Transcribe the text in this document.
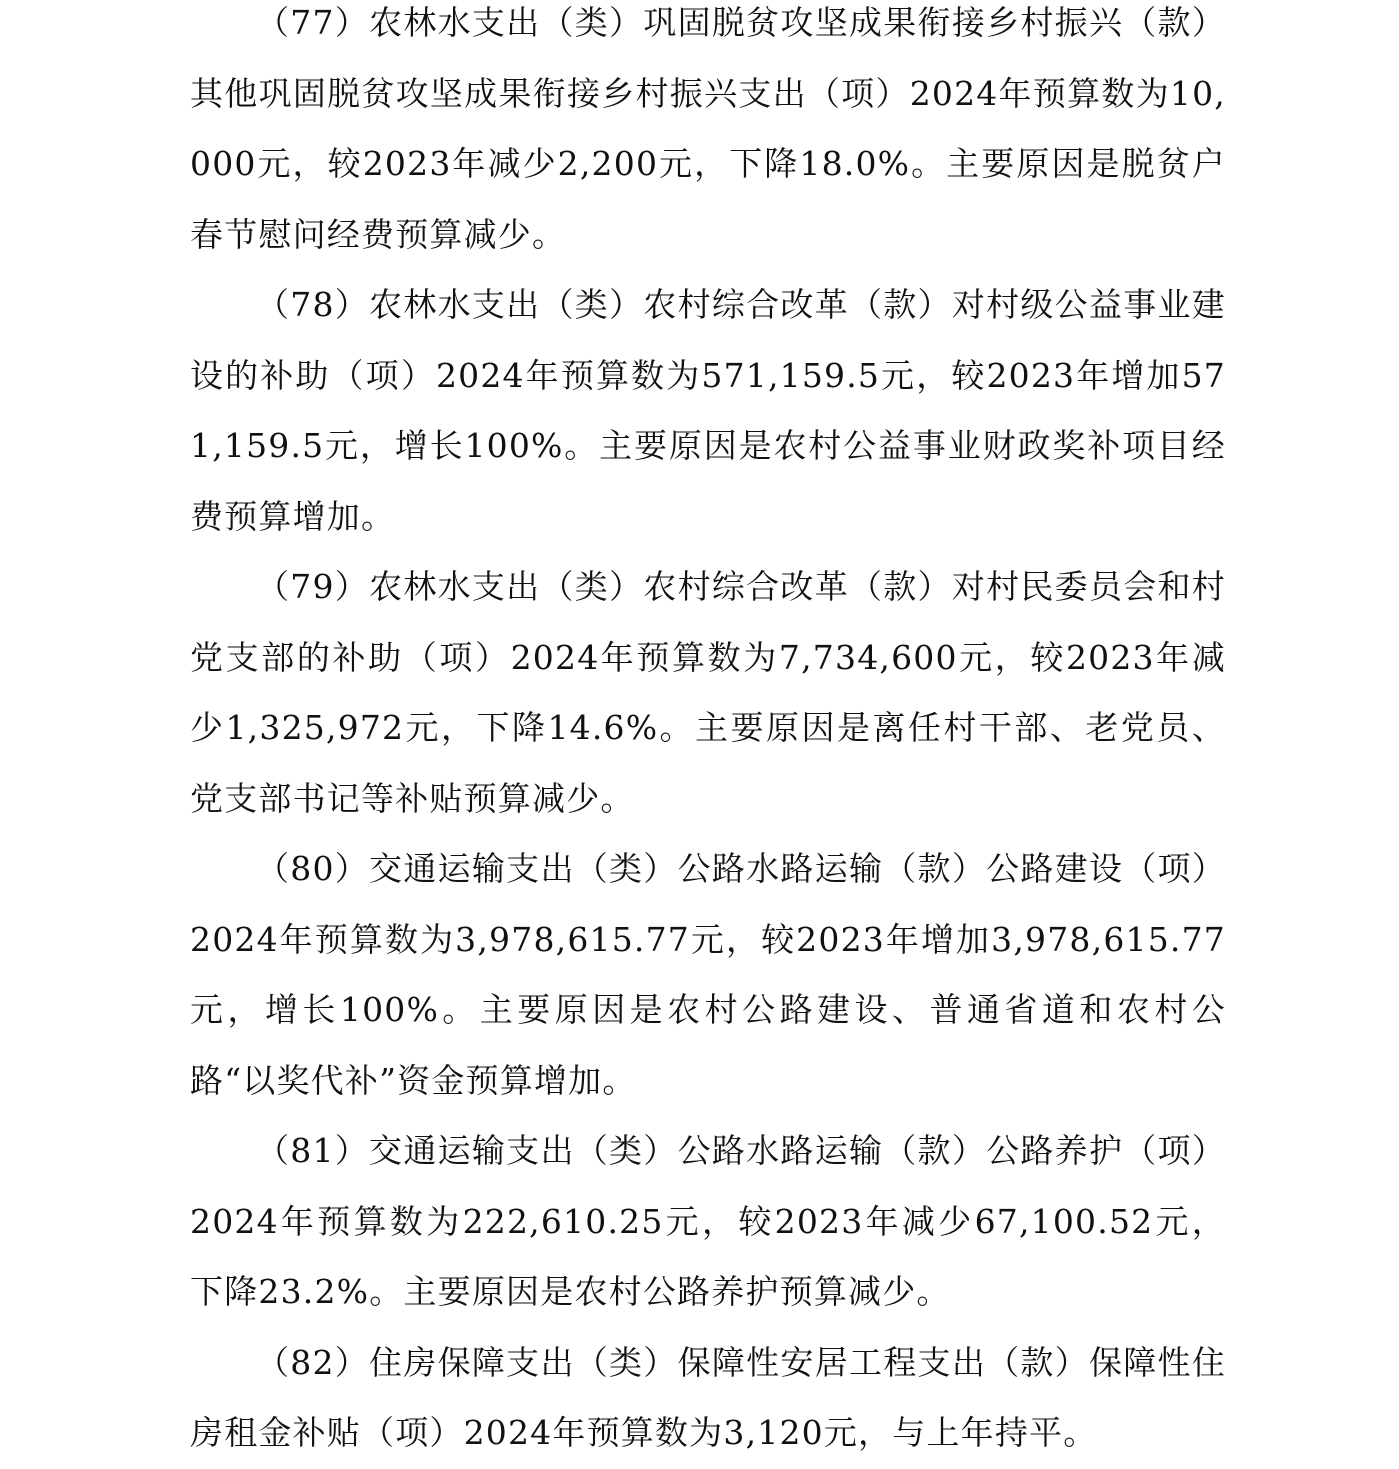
（77）农林水支出（类）巩固脱贫攻坚成果衔接乡村振兴（款）其他巩固脱贫攻坚成果衔接乡村振兴支出（项）2024年预算数为10,000元，较2023年减少2,200元，下降18.0%。主要原因是脱贫户春节慰问经费预算减少。

（78）农林水支出（类）农村综合改革（款）对村级公益事业建设的补助（项）2024年预算数为571,159.5元，较2023年增加571,159.5元，增长100%。主要原因是农村公益事业财政奖补项目经费预算增加。

（79）农林水支出（类）农村综合改革（款）对村民委员会和村党支部的补助（项）2024年预算数为7,734,600元，较2023年减少1,325,972元，下降14.6%。主要原因是离任村干部、老党员、党支部书记等补贴预算减少。

（80）交通运输支出（类）公路水路运输（款）公路建设（项）2024年预算数为3,978,615.77元，较2023年增加3,978,615.77元，增长100%。主要原因是农村公路建设、普通省道和农村公路“以奖代补”资金预算增加。

（81）交通运输支出（类）公路水路运输（款）公路养护（项）2024年预算数为222,610.25元，较2023年减少67,100.52元，下降23.2%。主要原因是农村公路养护预算减少。

（82）住房保障支出（类）保障性安居工程支出（款）保障性住房租金补贴（项）2024年预算数为3,120元，与上年持平。
